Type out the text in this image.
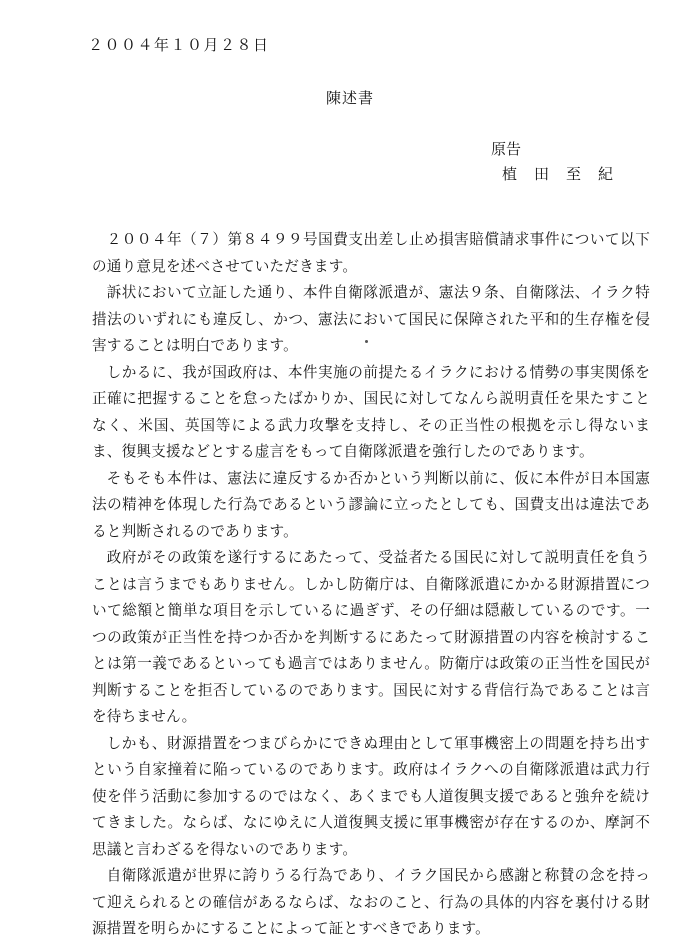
２００４年１０月２８日
陳述書
原告
植 田 至 紀

２００４年（７）第８４９９号国費支出差し止め損害賠償請求事件について以下の通り意見を述べさせていただきます。

訴状において立証した通り、本件自衛隊派遣が、憲法９条、自衛隊法、イラク特措法のいずれにも違反し、かつ、憲法において国民に保障された平和的生存権を侵害することは明白であります。

しかるに、我が国政府は、本件実施の前提たるイラクにおける情勢の事実関係を正確に把握することを怠ったばかりか、国民に対してなんら説明責任を果たすことなく、米国、英国等による武力攻撃を支持し、その正当性の根拠を示し得ないまま、復興支援などとする虚言をもって自衛隊派遣を強行したのであります。

そもそも本件は、憲法に違反するか否かという判断以前に、仮に本件が日本国憲法の精神を体現した行為であるという謬論に立ったとしても、国費支出は違法であると判断されるのであります。

政府がその政策を遂行するにあたって、受益者たる国民に対して説明責任を負うことは言うまでもありません。しかし防衛庁は、自衛隊派遣にかかる財源措置について総額と簡単な項目を示しているに過ぎず、その仔細は隠蔽しているのです。一つの政策が正当性を持つか否かを判断するにあたって財源措置の内容を検討することは第一義であるといっても過言ではありません。防衛庁は政策の正当性を国民が判断することを拒否しているのであります。国民に対する背信行為であることは言を待ちません。

しかも、財源措置をつまびらかにできぬ理由として軍事機密上の問題を持ち出すという自家撞着に陥っているのであります。政府はイラクへの自衛隊派遣は武力行使を伴う活動に参加するのではなく、あくまでも人道復興支援であると強弁を続けてきました。ならば、なにゆえに人道復興支援に軍事機密が存在するのか、摩訶不思議と言わざるを得ないのであります。

自衛隊派遣が世界に誇りうる行為であり、イラク国民から感謝と称賛の念を持って迎えられるとの確信があるならば、なおのこと、行為の具体的内容を裏付ける財源措置を明らかにすることによって証とすべきであります。
